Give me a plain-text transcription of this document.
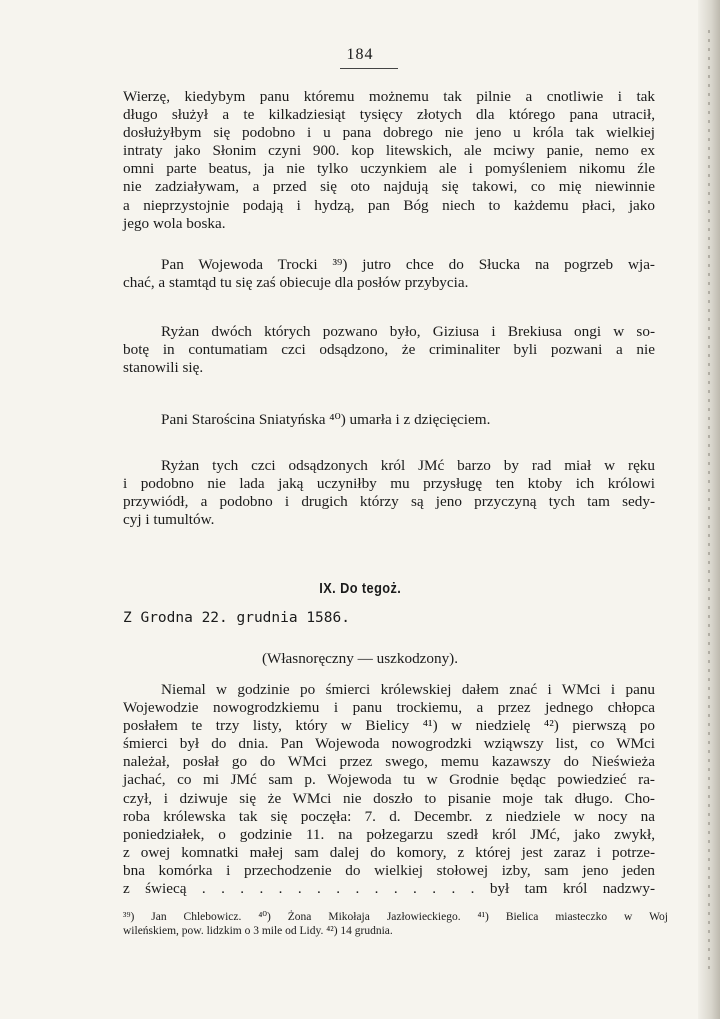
184
Wierzę, kiedybym panu któremu możnemu tak pilnie a cnotliwie i tak
długo służył a te kilkadziesiąt tysięcy złotych dla którego pana utracił,
dosłużyłbym się podobno i u pana dobrego nie jeno u króla tak wielkiej
intraty jako Słonim czyni 900. kop litewskich, ale mciwy panie, nemo ex
omni parte beatus, ja nie tylko uczynkiem ale i pomyśleniem nikomu źle
nie zadziaływam, a przed się oto najdują się takowi, co mię niewinnie
a nieprzystojnie podają i hydzą, pan Bóg niech to każdemu płaci, jako
jego wola boska.
Pan Wojewoda Trocki ³⁹) jutro chce do Słucka na pogrzeb wja-
chać, a stamtąd tu się zaś obiecuje dla posłów przybycia.
Ryżan dwóch których pozwano było, Giziusa i Brekiusa ongi w so-
botę in contumatiam czci odsądzono, że criminaliter byli pozwani a nie
stanowili się.
Pani Starościna Sniatyńska ⁴⁰) umarła i z dzięcięciem.
Ryżan tych czci odsądzonych król JMć barzo by rad miał w ręku
i podobno nie lada jaką uczyniłby mu przysługę ten ktoby ich królowi
przywiódł, a podobno i drugich którzy są jeno przyczyną tych tam sedy-
cyj i tumultów.
IX. Do tegoż.
Z Grodna 22. grudnia 1586.
(Własnoręczny — uszkodzony).
Niemal w godzinie po śmierci królewskiej dałem znać i WMci i panu
Wojewodzie nowogrodzkiemu i panu trockiemu, a przez jednego chłopca
posłałem te trzy listy, który w Bielicy ⁴¹) w niedzielę ⁴²) pierwszą po
śmierci był do dnia. Pan Wojewoda nowogrodzki wziąwszy list, co WMci
należał, posłał go do WMci przez swego, memu kazawszy do Nieświeża
jachać, co mi JMć sam p. Wojewoda tu w Grodnie będąc powiedzieć ra-
czył, i dziwuje się że WMci nie doszło to pisanie moje tak długo. Cho-
roba królewska tak się poczęła: 7. d. Decembr. z niedziele w nocy na
poniedziałek, o godzinie 11. na połzegarzu szedł król JMć, jako zwykł,
z owej komnatki małej sam dalej do komory, z której jest zaraz i potrze-
bna komórka i przechodzenie do wielkiej stołowej izby, sam jeno jeden
z świecą . . . . . . . . . . . . . . . był tam król nadzwy-
³⁹) Jan Chlebowicz. ⁴⁰) Żona Mikołaja Jazłowieckiego. ⁴¹) Bielica miasteczko w Woj
wileńskiem, pow. lidzkim o 3 mile od Lidy. ⁴²) 14 grudnia.
